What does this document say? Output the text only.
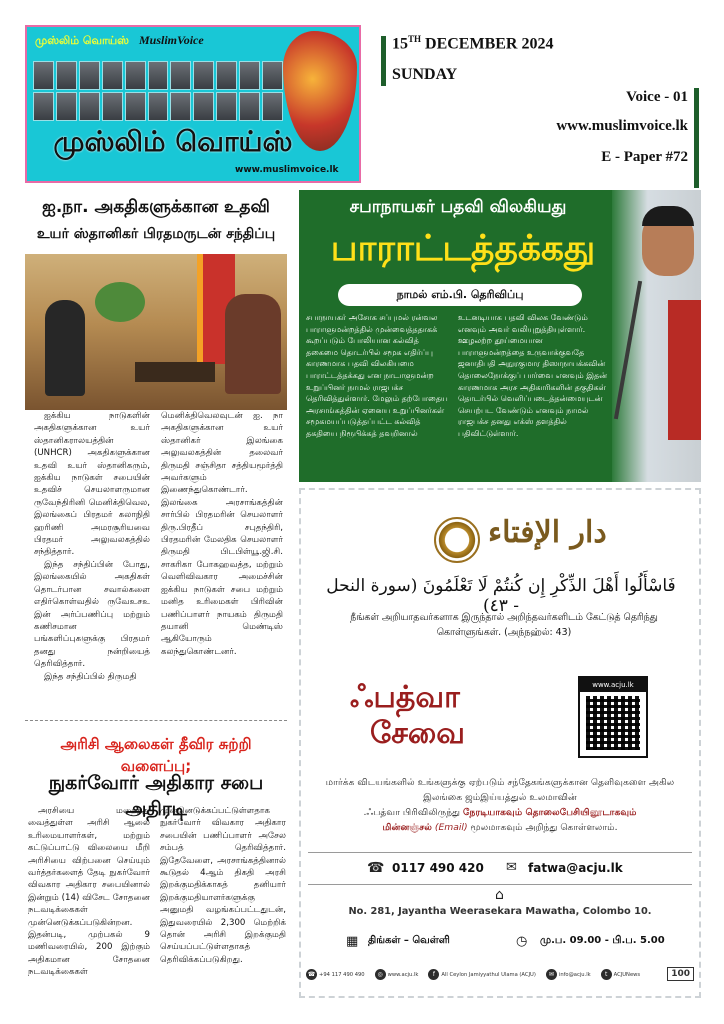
முஸ்லிம் வொய்ஸ் MuslimVoice
முஸ்லிம் வொய்ஸ்
www.muslimvoice.lk
15TH DECEMBER 2024
SUNDAY
Voice - 01
www.muslimvoice.lk
E - Paper #72
ஐ.நா. அகதிகளுக்கான உதவி
உயர் ஸ்தானிகர் பிரதமருடன் சந்திப்பு

ஐக்கிய நாடுகளின் அகதிகளுக்கான உயர் ஸ்தானிகராலயத்தின் (UNHCR) அகதிகளுக்கான உதவி உயர் ஸ்தானிகரும், ஐக்கிய நாடுகள் சபையின் உதவிச் செயலாளருமான ருவேந்திரினி மெனிக்திவெல, இலங்கைப் பிரதமர் கலாநிதி ஹரிணி அமரசூரியவை பிரதமர் அலுவலகத்தில் சந்தித்தார்.

இந்த சந்திப்பின் போது, இலங்கையில் அகதிகள் தொடர்பான சவால்களை எதிர்கொள்வதில் ருவேஉசஉ இன் அர்ப்பணிப்பு மற்றும் கணிசமான பங்களிப்புகளுக்கு பிரதமர் தனது நன்றியைத் தெரிவித்தார்.

இந்த சந்திப்பில் திருமதி

மெனிக்திவெலவுடன் ஐ. நா அகதிகளுக்கான உயர் ஸ்தானிகர் இலங்கை அலுவலகத்தின் தலைவர் திருமதி சஞ்சிதா சத்தியமூர்த்தி அவர்களும் இணைந்துகொண்டார். இலங்கை அரசாங்கத்தின் சார்பில் பிரதமரின் செயலாளர் திரு.பிரதீப் சபுதந்திரி, பிரதமரின் மேலதிக செயலாளர் திருமதி பிடபிள்யூ.ஜி.சி. சாகரிகா போகஹவத்த, மற்றும் வெளிவிவகார அமைச்சின் ஐக்கிய நாடுகள் சபை மற்றும் மனித உரிமைகள் பிரிவின் பணிப்பாளர் நாயகம் திருமதி தயானி மெண்டிஸ் ஆகியோரும் கலந்துகொண்டனர்.

அரிசி ஆலைகள் தீவிர சுற்றி வளைப்பு;
நுகர்வோர் அதிகார சபை அதிரடி
அரசியை மறைத்து வைத்துள்ள அரிசி ஆலை உரிமையாளர்கள், மற்றும் கட்டுப்பாட்டு விலையை மீறி அரிசியை விற்பனை செய்யும் வர்த்தர்களைத் தேடி நுகர்வோர் விவகார அதிகார சபையினால் இன்றும் (14) விசேட சோதனை நடவடிக்கைகள் முன்னெடுக்கப்படுகின்றன. இதன்படி, முற்பகல் 9 மணிவரையில், 200 இற்கும் அதிகமான சோதனை நடவடிக்கைகள்
முன்னெடுக்கப்பட்டுள்ளதாக நுகர்வோர் விவகார அதிகார சபையின் பணிப்பாளர் அசேல சம்பத் தெரிவித்தார். இதேவேளை, அரசாங்கத்தினால் கூடுதல் 4ஆம் திகதி அரசி இறக்குமதிக்காகத் தனியார் இறக்குமதியாளர்களுக்கு அனுமதி வழங்கப்பட்டதுடன், இதுவரையில் 2,300 மெற்றிக் தொன் அரிசி இறக்குமதி செய்யப்பட்டுள்ளதாகத் தெரிவிக்கப்படுகிறது.
சபாநாயகர் பதவி விலகியது
பாராட்டத்தக்கது
நாமல் எம்.பி. தெரிவிப்பு
சபாநாயகர் அசோக சப்புமல் ரன்வல பாராளுமன்றத்தில் முன்வைத்ததாகக் கூறப்படும் போலியான கல்வித் தகைமை தொடர்பில் சமூக எதிர்ப்பு காரணமாக பதவி விலகியமை பாராட்டத்தக்கது என நாடாளுமன்ற உறுப்பினர் நாமல் ராஜபக்ச தெரிவித்துள்ளார். மேலும் தற்போதைய அரசாங்கத்தின் ஏனைய உறுப்பினர்கள் சமூகமயப்படுத்தப்பட்ட கல்வித் தகதியை நிரூபிக்கத் தவறினால்
உடனடியாக பதவி விலக வேண்டும் எனவும் அவர் வலியுறுத்தியுள்ளார். ஊழலற்ற தூய்மையான பாராளுமன்றத்தை உருவாக்குவதே ஜனாதிபதி அநுரகுமார திஸாநாயக்கவின் தொலைநோக்குப் பார்வை எனவும் இதன் காரணமாக அரச அதிகாரிகளின் தகுதிகள் தொடர்பில் வெளிப்படைத்தன்மையுடன் செயற்பட வேண்டும் எனவும் நாமல் ராஜபக்ச தனது எக்ஸ் தளத்தில் பதிவிட்டுள்ளார்.
دار الإفتاء
فَاسْأَلُوا أَهْلَ الذِّكْرِ إِن كُنتُمْ لَا تَعْلَمُونَ (سورة النحل - ٤٣)
நீங்கள் அறியாதவர்களாக இருந்தால் அறிந்தவர்களிடம் கேட்டுத் தெரிந்து கொள்ளுங்கள். (அந்நஹ்ல்: 43)
ஃபத்வா
சேவை
www.acju.lk
மார்க்க விடயங்களில் உங்களுக்கு ஏற்படும் சந்தேகங்களுக்கான தெளிவுகளை அகில இலங்கை ஜம்இய்யத்துல் உலமாவின்
.ஃபத்வா பிரிவிலிருந்து நேரடியாகவும் தொலைபேசியினூடாகவும்
மின்னஞ்சல் (Email) மூலமாகவும் அறிந்து கொள்ளலாம்.
☎ 0117 490 420 ✉ fatwa@acju.lk
⌂
No. 281, Jayantha Weerasekara Mawatha, Colombo 10.
▦ திங்கள் – வெள்ளி	◷ மு.ப. 09.00 - பி.ப. 5.00
☎ +94 117 490 490	◎ www.acju.lk	f All Ceylon Jamiyyathul Ulama (ACJU)	✉ info@acju.lk	t ACJUNews	100
